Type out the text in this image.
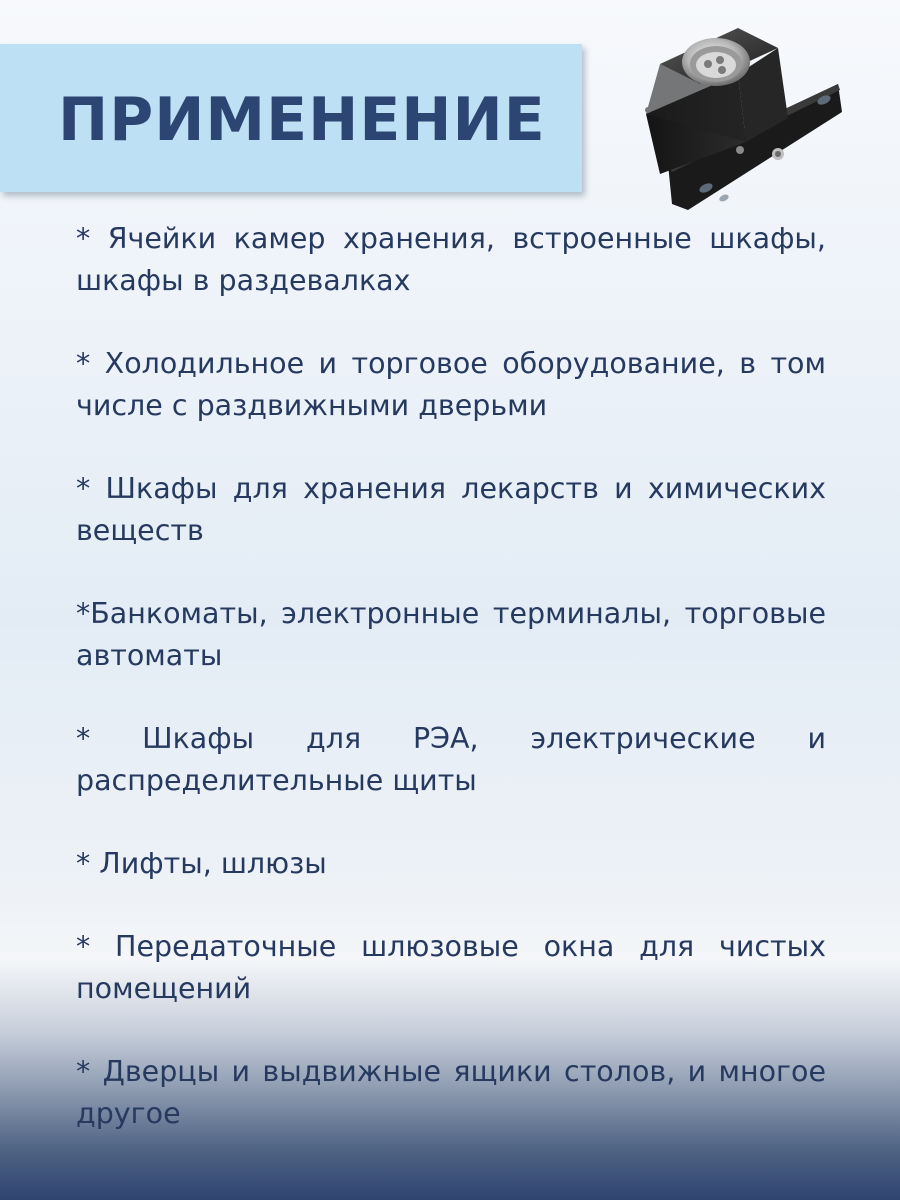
ПРИМЕНЕНИЕ
* Ячейки камер хранения, встроенные шкафы, шкафы в раздевалках
* Холодильное и торговое оборудование, в том числе с раздвижными дверьми
* Шкафы для хранения лекарств и химических веществ
*Банкоматы, электронные терминалы, торговые автоматы
* Шкафы для РЭА, электрические и распределительные щиты
* Лифты, шлюзы
* Передаточные шлюзовые окна для чистых помещений
* Дверцы и выдвижные ящики столов, и многое другое
